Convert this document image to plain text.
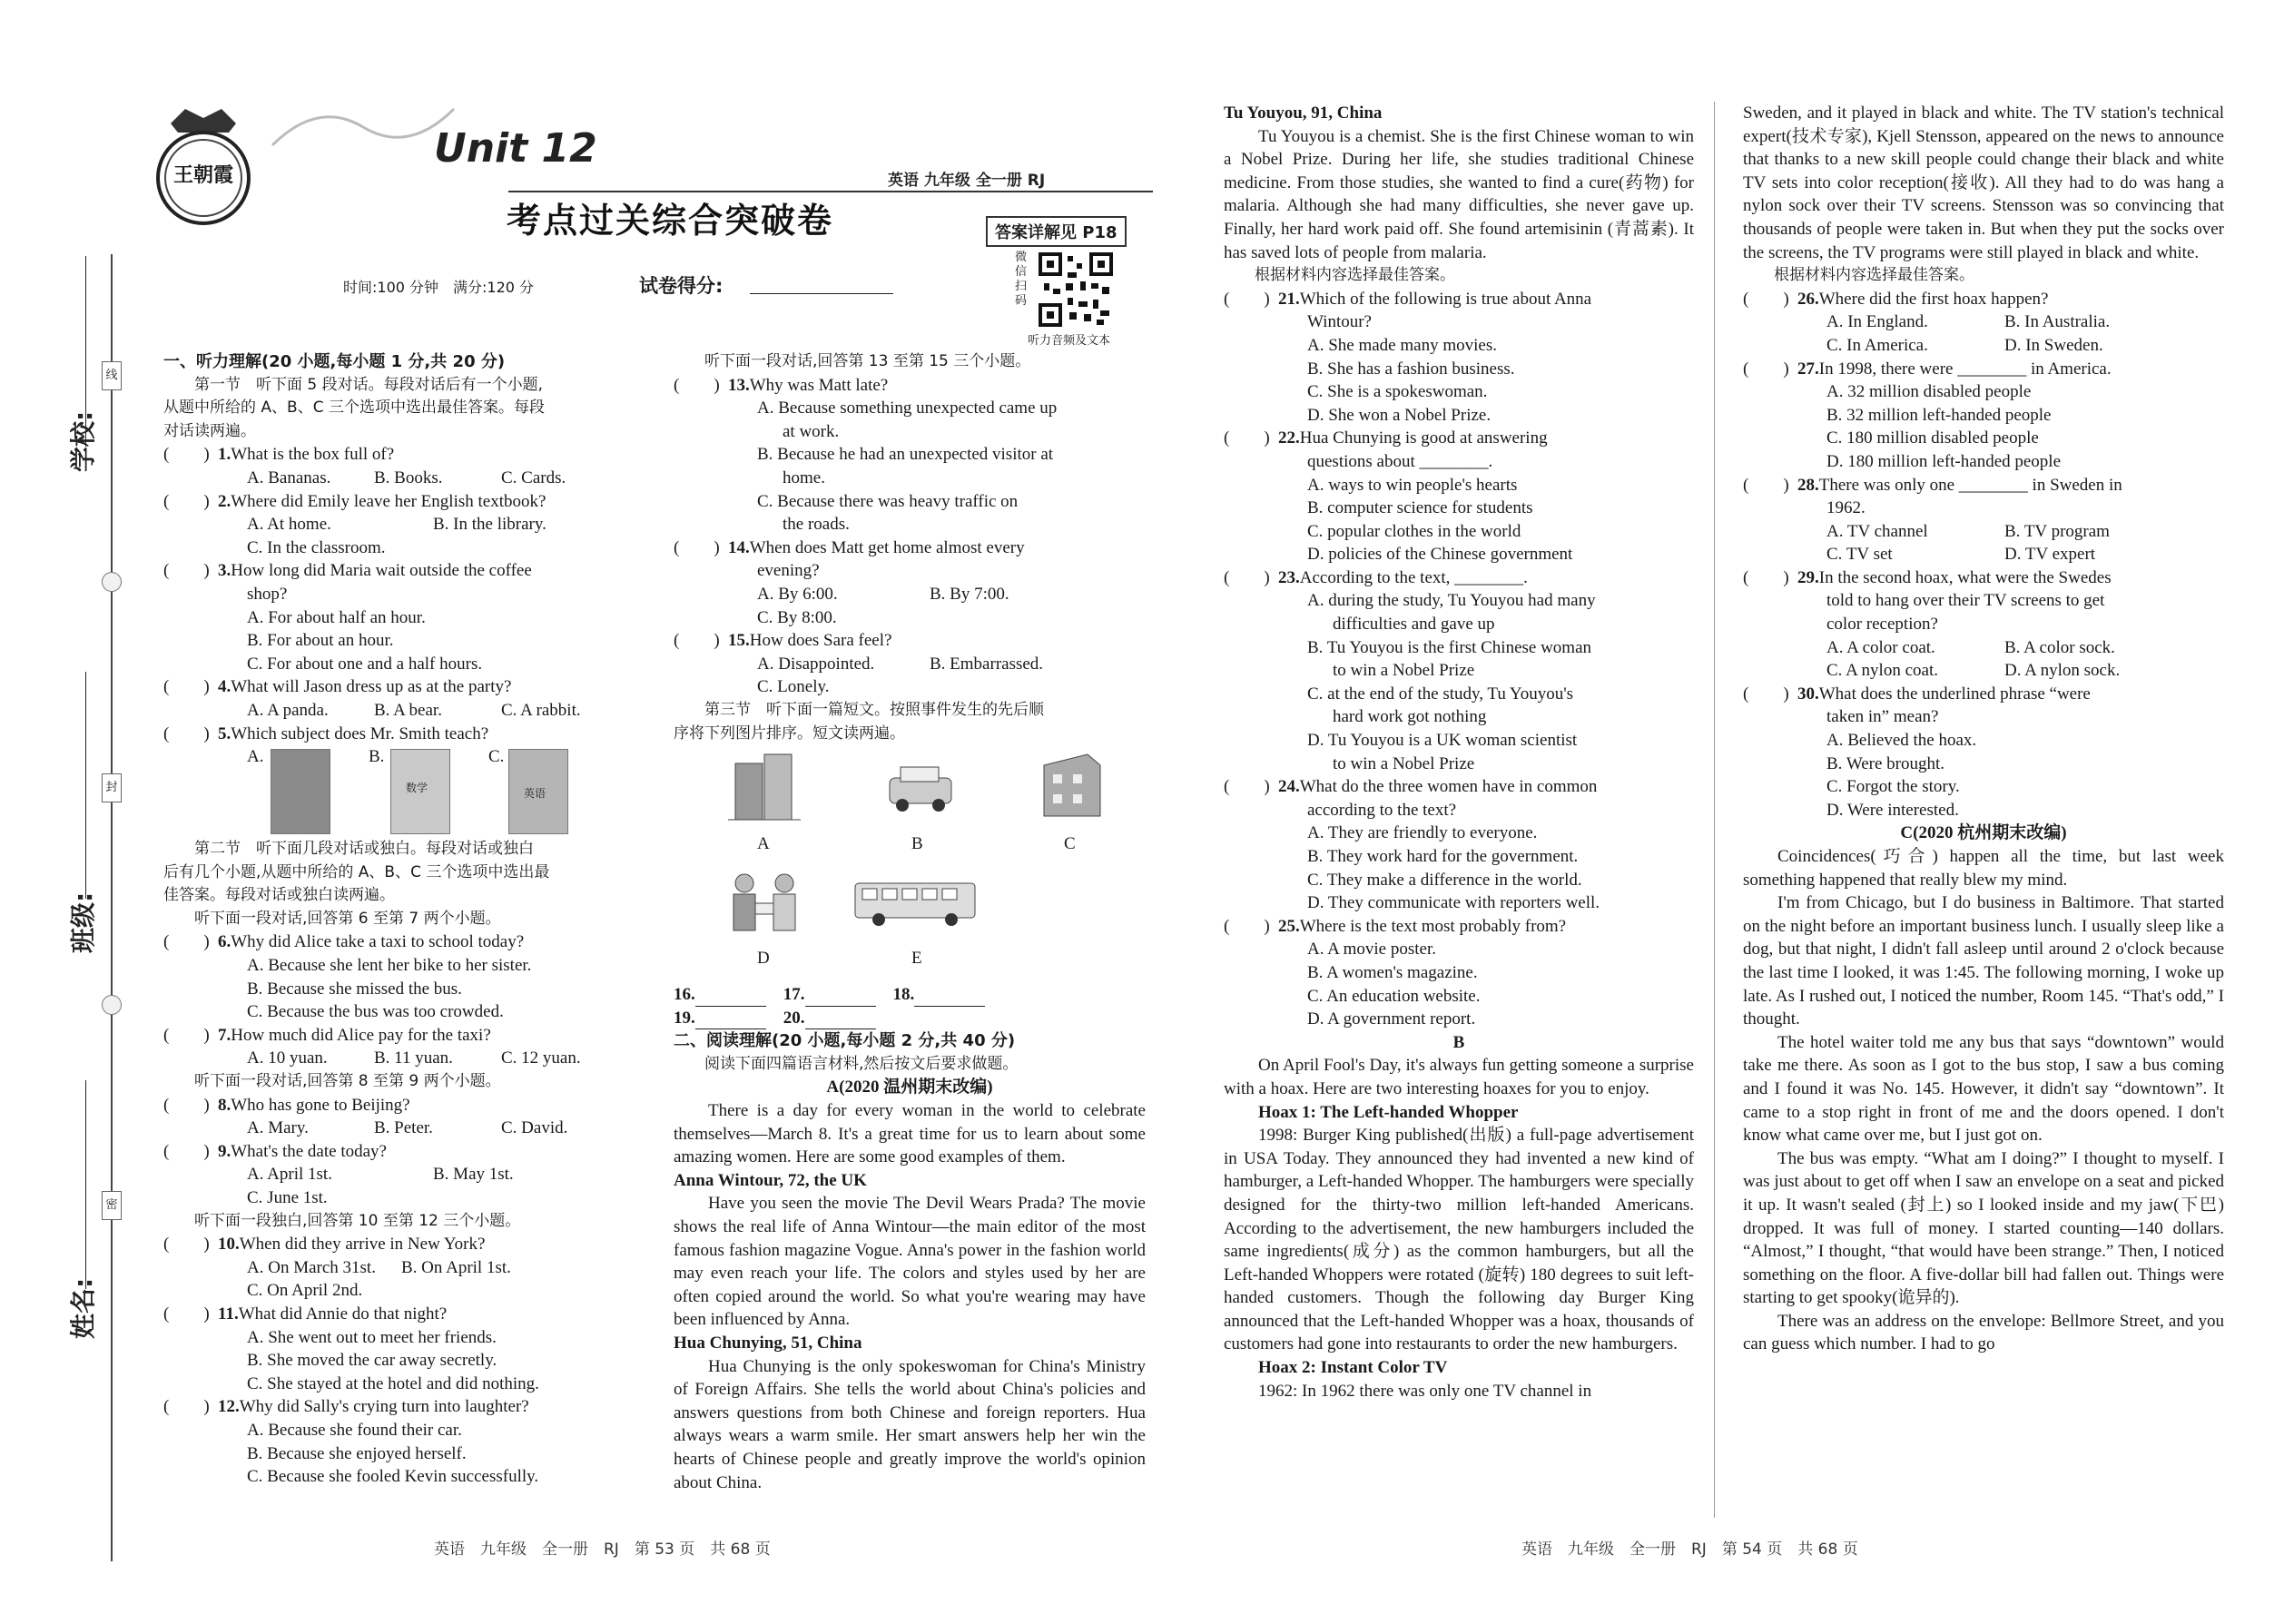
王朝霞
Unit 12
考点过关综合突破卷
英语 九年级 全一册 RJ
答案详解见 P18
微信扫码
听力音频及文本
时间:100 分钟　满分:120 分	试卷得分:
学校:
班级:
姓名:
线
封
密
一、听力理解(20 小题,每小题 1 分,共 20 分)
第一节　听下面 5 段对话。每段对话后有一个小题,
从题中所给的 A、B、C 三个选项中选出最佳答案。每段
对话读两遍。
(　　) 1. What is the box full of?
A. Bananas.	B. Books.	C. Cards.
(　　) 2. Where did Emily leave her English textbook?
A. At home.	B. In the library.
C. In the classroom.
(　　) 3. How long did Maria wait outside the coffee
shop?
A. For about half an hour.
B. For about an hour.
C. For about one and a half hours.
(　　) 4. What will Jason dress up as at the party?
A. A panda.	B. A bear.	C. A rabbit.
(　　) 5. Which subject does Mr. Smith teach?
A.	B.
数学
C.
英语
第二节　听下面几段对话或独白。每段对话或独白
后有几个小题,从题中所给的 A、B、C 三个选项中选出最
佳答案。每段对话或独白读两遍。
听下面一段对话,回答第 6 至第 7 两个小题。
(　　) 6. Why did Alice take a taxi to school today?
A. Because she lent her bike to her sister.
B. Because she missed the bus.
C. Because the bus was too crowded.
(　　) 7. How much did Alice pay for the taxi?
A. 10 yuan.	B. 11 yuan.	C. 12 yuan.
听下面一段对话,回答第 8 至第 9 两个小题。
(　　) 8. Who has gone to Beijing?
A. Mary.	B. Peter.	C. David.
(　　) 9. What's the date today?
A. April 1st.	B. May 1st.
C. June 1st.
听下面一段独白,回答第 10 至第 12 三个小题。
(　　) 10. When did they arrive in New York?
A. On March 31st.	B. On April 1st.
C. On April 2nd.
(　　) 11. What did Annie do that night?
A. She went out to meet her friends.
B. She moved the car away secretly.
C. She stayed at the hotel and did nothing.
(　　) 12. Why did Sally's crying turn into laughter?
A. Because she found their car.
B. Because she enjoyed herself.
C. Because she fooled Kevin successfully.
听下面一段对话,回答第 13 至第 15 三个小题。
(　　) 13. Why was Matt late?
A. Because something unexpected came up
at work.
B. Because he had an unexpected visitor at
home.
C. Because there was heavy traffic on
the roads.
(　　) 14. When does Matt get home almost every
evening?
A. By 6:00.	B. By 7:00.
C. By 8:00.
(　　) 15. How does Sara feel?
A. Disappointed.	B. Embarrassed.
C. Lonely.
第三节　听下面一篇短文。按照事件发生的先后顺
序将下列图片排序。短文读两遍。
A	B	C
D	E
16.	17.	18.
19.	20.
二、阅读理解(20 小题,每小题 2 分,共 40 分)
阅读下面四篇语言材料,然后按文后要求做题。
A(2020 温州期末改编)

There is a day for every woman in the world to celebrate themselves—March 8. It's a great time for us to learn about some amazing women. Here are some good examples of them.

Anna Wintour, 72, the UK

Have you seen the movie The Devil Wears Prada? The movie shows the real life of Anna Wintour—the main editor of the most famous fashion magazine Vogue. Anna's power in the fashion world may even reach your life. The colors and styles used by her are often copied around the world. So what you're wearing may have been influenced by Anna.

Hua Chunying, 51, China

Hua Chunying is the only spokeswoman for China's Ministry of Foreign Affairs. She tells the world about China's policies and answers questions from both Chinese and foreign reporters. Hua always wears a warm smile. Her smart answers help her win the hearts of Chinese people and greatly improve the world's opinion about China.

Tu Youyou, 91, China

Tu Youyou is a chemist. She is the first Chinese woman to win a Nobel Prize. During her life, she studies traditional Chinese medicine. From those studies, she wanted to find a cure(药物) for malaria. Although she had many difficulties, she never gave up. Finally, her hard work paid off. She found artemisinin (青蒿素). It has saved lots of people from malaria.

根据材料内容选择最佳答案。
(　　) 21. Which of the following is true about Anna
Wintour?
A. She made many movies.
B. She has a fashion business.
C. She is a spokeswoman.
D. She won a Nobel Prize.
(　　) 22. Hua Chunying is good at answering
questions about ________.
A. ways to win people's hearts
B. computer science for students
C. popular clothes in the world
D. policies of the Chinese government
(　　) 23. According to the text, ________.
A. during the study, Tu Youyou had many
difficulties and gave up
B. Tu Youyou is the first Chinese woman
to win a Nobel Prize
C. at the end of the study, Tu Youyou's
hard work got nothing
D. Tu Youyou is a UK woman scientist
to win a Nobel Prize
(　　) 24. What do the three women have in common
according to the text?
A. They are friendly to everyone.
B. They work hard for the government.
C. They make a difference in the world.
D. They communicate with reporters well.
(　　) 25. Where is the text most probably from?
A. A movie poster.
B. A women's magazine.
C. An education website.
D. A government report.
B

On April Fool's Day, it's always fun getting someone a surprise with a hoax. Here are two interesting hoaxes for you to enjoy.

Hoax 1: The Left-handed Whopper

1998: Burger King published(出版) a full-page advertisement in USA Today. They announced they had invented a new kind of hamburger, a Left-handed Whopper. The hamburgers were specially designed for the thirty-two million left-handed Americans. According to the advertisement, the new hamburgers included the same ingredients(成分) as the common hamburgers, but all the Left-handed Whoppers were rotated (旋转) 180 degrees to suit left-handed customers. Though the following day Burger King announced that the Left-handed Whopper was a hoax, thousands of customers had gone into restaurants to order the new hamburgers.

Hoax 2: Instant Color TV

1962: In 1962 there was only one TV channel in

Sweden, and it played in black and white. The TV station's technical expert(技术专家), Kjell Stensson, appeared on the news to announce that thanks to a new skill people could change their black and white TV sets into color reception(接收). All they had to do was hang a nylon sock over their TV screens. Stensson was so convincing that thousands of people were taken in. But when they put the socks over the screens, the TV programs were still played in black and white.

根据材料内容选择最佳答案。
(　　) 26. Where did the first hoax happen?
A. In England.	B. In Australia.
C. In America.	D. In Sweden.
(　　) 27. In 1998, there were ________ in America.
A. 32 million disabled people
B. 32 million left-handed people
C. 180 million disabled people
D. 180 million left-handed people
(　　) 28. There was only one ________ in Sweden in
1962.
A. TV channel	B. TV program
C. TV set	D. TV expert
(　　) 29. In the second hoax, what were the Swedes
told to hang over their TV screens to get
color reception?
A. A color coat.	B. A color sock.
C. A nylon coat.	D. A nylon sock.
(　　) 30. What does the underlined phrase “were
taken in” mean?
A. Believed the hoax.
B. Were brought.
C. Forgot the story.
D. Were interested.
C(2020 杭州期末改编)

Coincidences(巧合) happen all the time, but last week something happened that really blew my mind.

I'm from Chicago, but I do business in Baltimore. That started on the night before an important business lunch. I usually sleep like a dog, but that night, I didn't fall asleep until around 2 o'clock because the last time I looked, it was 1:45. The following morning, I woke up late. As I rushed out, I noticed the number, Room 145. “That's odd,” I thought.

The hotel waiter told me any bus that says “downtown” would take me there. As soon as I got to the bus stop, I saw a bus coming and I found it was No. 145. However, it didn't say “downtown”. It came to a stop right in front of me and the doors opened. I don't know what came over me, but I just got on.

The bus was empty. “What am I doing?” I thought to myself. I was just about to get off when I saw an envelope on a seat and picked it up. It wasn't sealed (封上) so I looked inside and my jaw(下巴) dropped. It was full of money. I started counting—140 dollars. “Almost,” I thought, “that would have been strange.” Then, I noticed something on the floor. A five-dollar bill had fallen out. Things were starting to get spooky(诡异的).

There was an address on the envelope: Bellmore Street, and you can guess which number. I had to go

英语　九年级　全一册　RJ　第 53 页　共 68 页	英语　九年级　全一册　RJ　第 54 页　共 68 页
